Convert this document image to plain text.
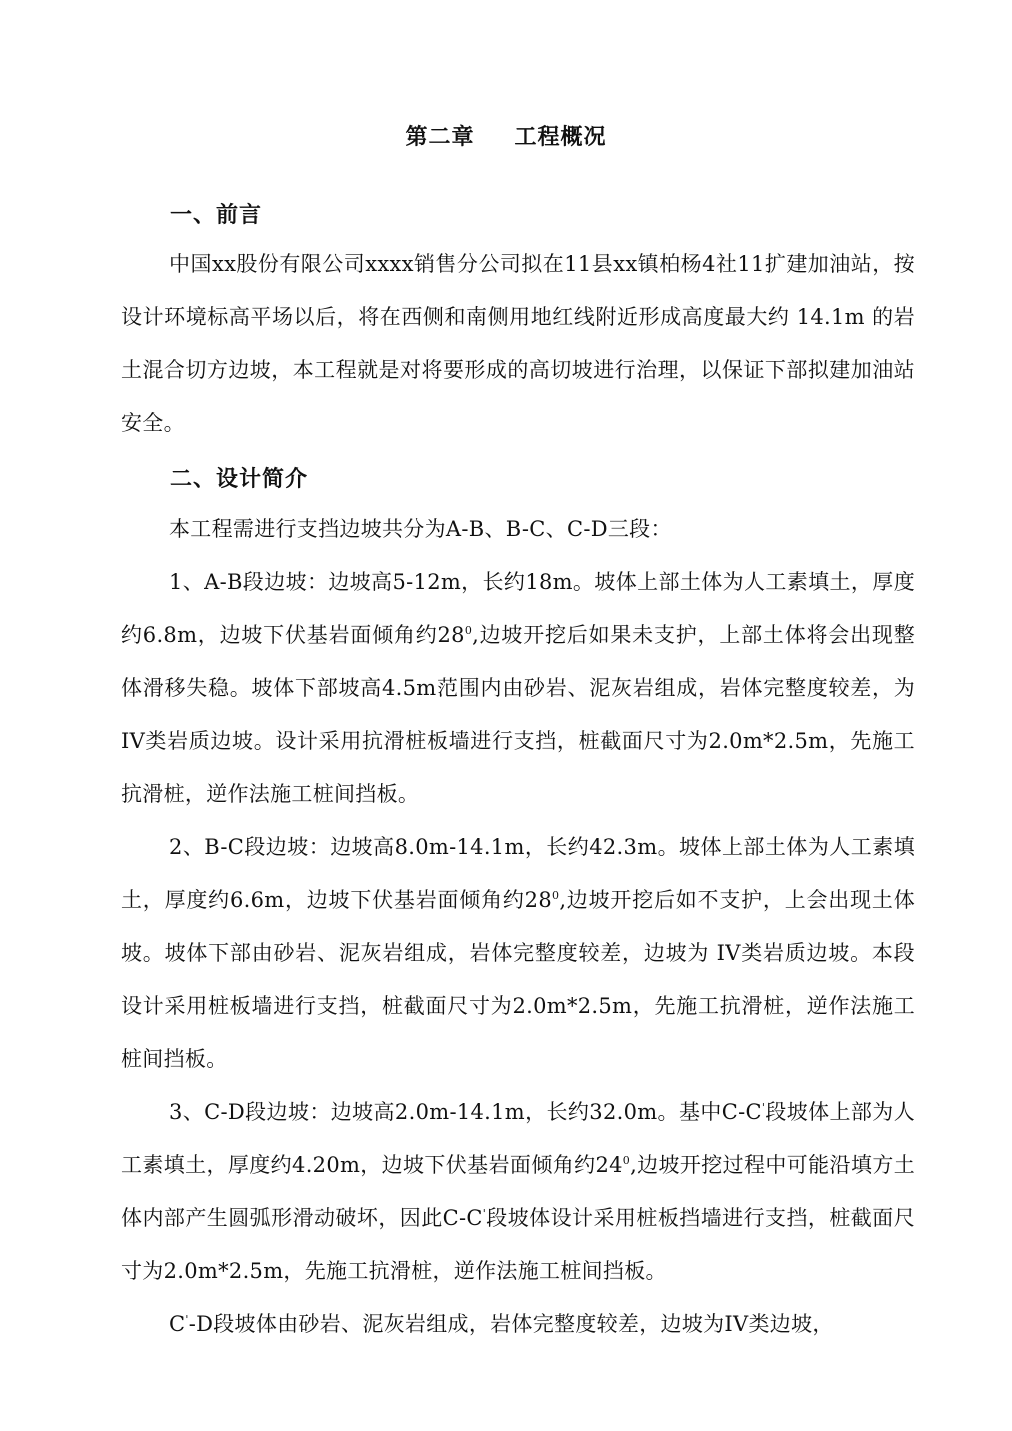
第二章 工程概况
一、前言

中国xx股份有限公司xxxx销售分公司拟在11县xx镇柏杨4社11扩建加油站，按设计环境标高平场以后，将在西侧和南侧用地红线附近形成高度最大约 14.1m 的岩土混合切方边坡，本工程就是对将要形成的高切坡进行治理，以保证下部拟建加油站安全。

二、设计简介

本工程需进行支挡边坡共分为A-B、B-C、C-D三段：

1、A-B段边坡：边坡高5-12m，长约18m。坡体上部土体为人工素填土，厚度约6.8m，边坡下伏基岩面倾角约$28^0$,边坡开挖后如果未支护，上部土体将会出现整体滑移失稳。坡体下部坡高4.5m范围内由砂岩、泥灰岩组成，岩体完整度较差，为IV类岩质边坡。设计采用抗滑桩板墙进行支挡，桩截面尺寸为2.0m*2.5m，先施工抗滑桩，逆作法施工桩间挡板。

2、B-C段边坡：边坡高8.0m-14.1m，长约42.3m。坡体上部土体为人工素填土，厚度约6.6m，边坡下伏基岩面倾角约$28^0$,边坡开挖后如不支护，上会出现土体坡。坡体下部由砂岩、泥灰岩组成，岩体完整度较差，边坡为 IV类岩质边坡。本段设计采用桩板墙进行支挡，桩截面尺寸为2.0m*2.5m，先施工抗滑桩，逆作法施工桩间挡板。

3、C-D段边坡：边坡高2.0m-14.1m，长约32.0m。基中C-C'段坡体上部为人工素填土，厚度约4.20m，边坡下伏基岩面倾角约$24^0$,边坡开挖过程中可能沿填方土体内部产生圆弧形滑动破坏，因此C-C'段坡体设计采用桩板挡墙进行支挡，桩截面尺寸为2.0m*2.5m，先施工抗滑桩，逆作法施工桩间挡板。

C'-D段坡体由砂岩、泥灰岩组成，岩体完整度较差，边坡为IV类边坡，
